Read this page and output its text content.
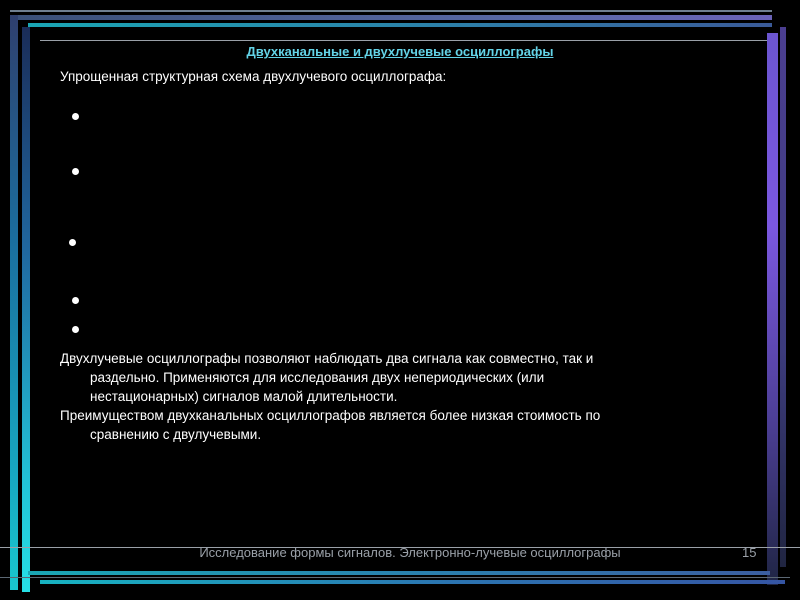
Двухканальные и двухлучевые осциллографы
Упрощенная структурная схема двухлучевого осциллографа:
Двухлучевые осциллографы позволяют наблюдать два сигнала как совместно, так и
раздельно. Применяются для исследования двух непериодических (или
нестационарных) сигналов малой длительности.
Преимуществом двухканальных осциллографов является более низкая стоимость по
сравнению с двулучевыми.
Исследование формы сигналов. Электронно-лучевые осциллографы	15
